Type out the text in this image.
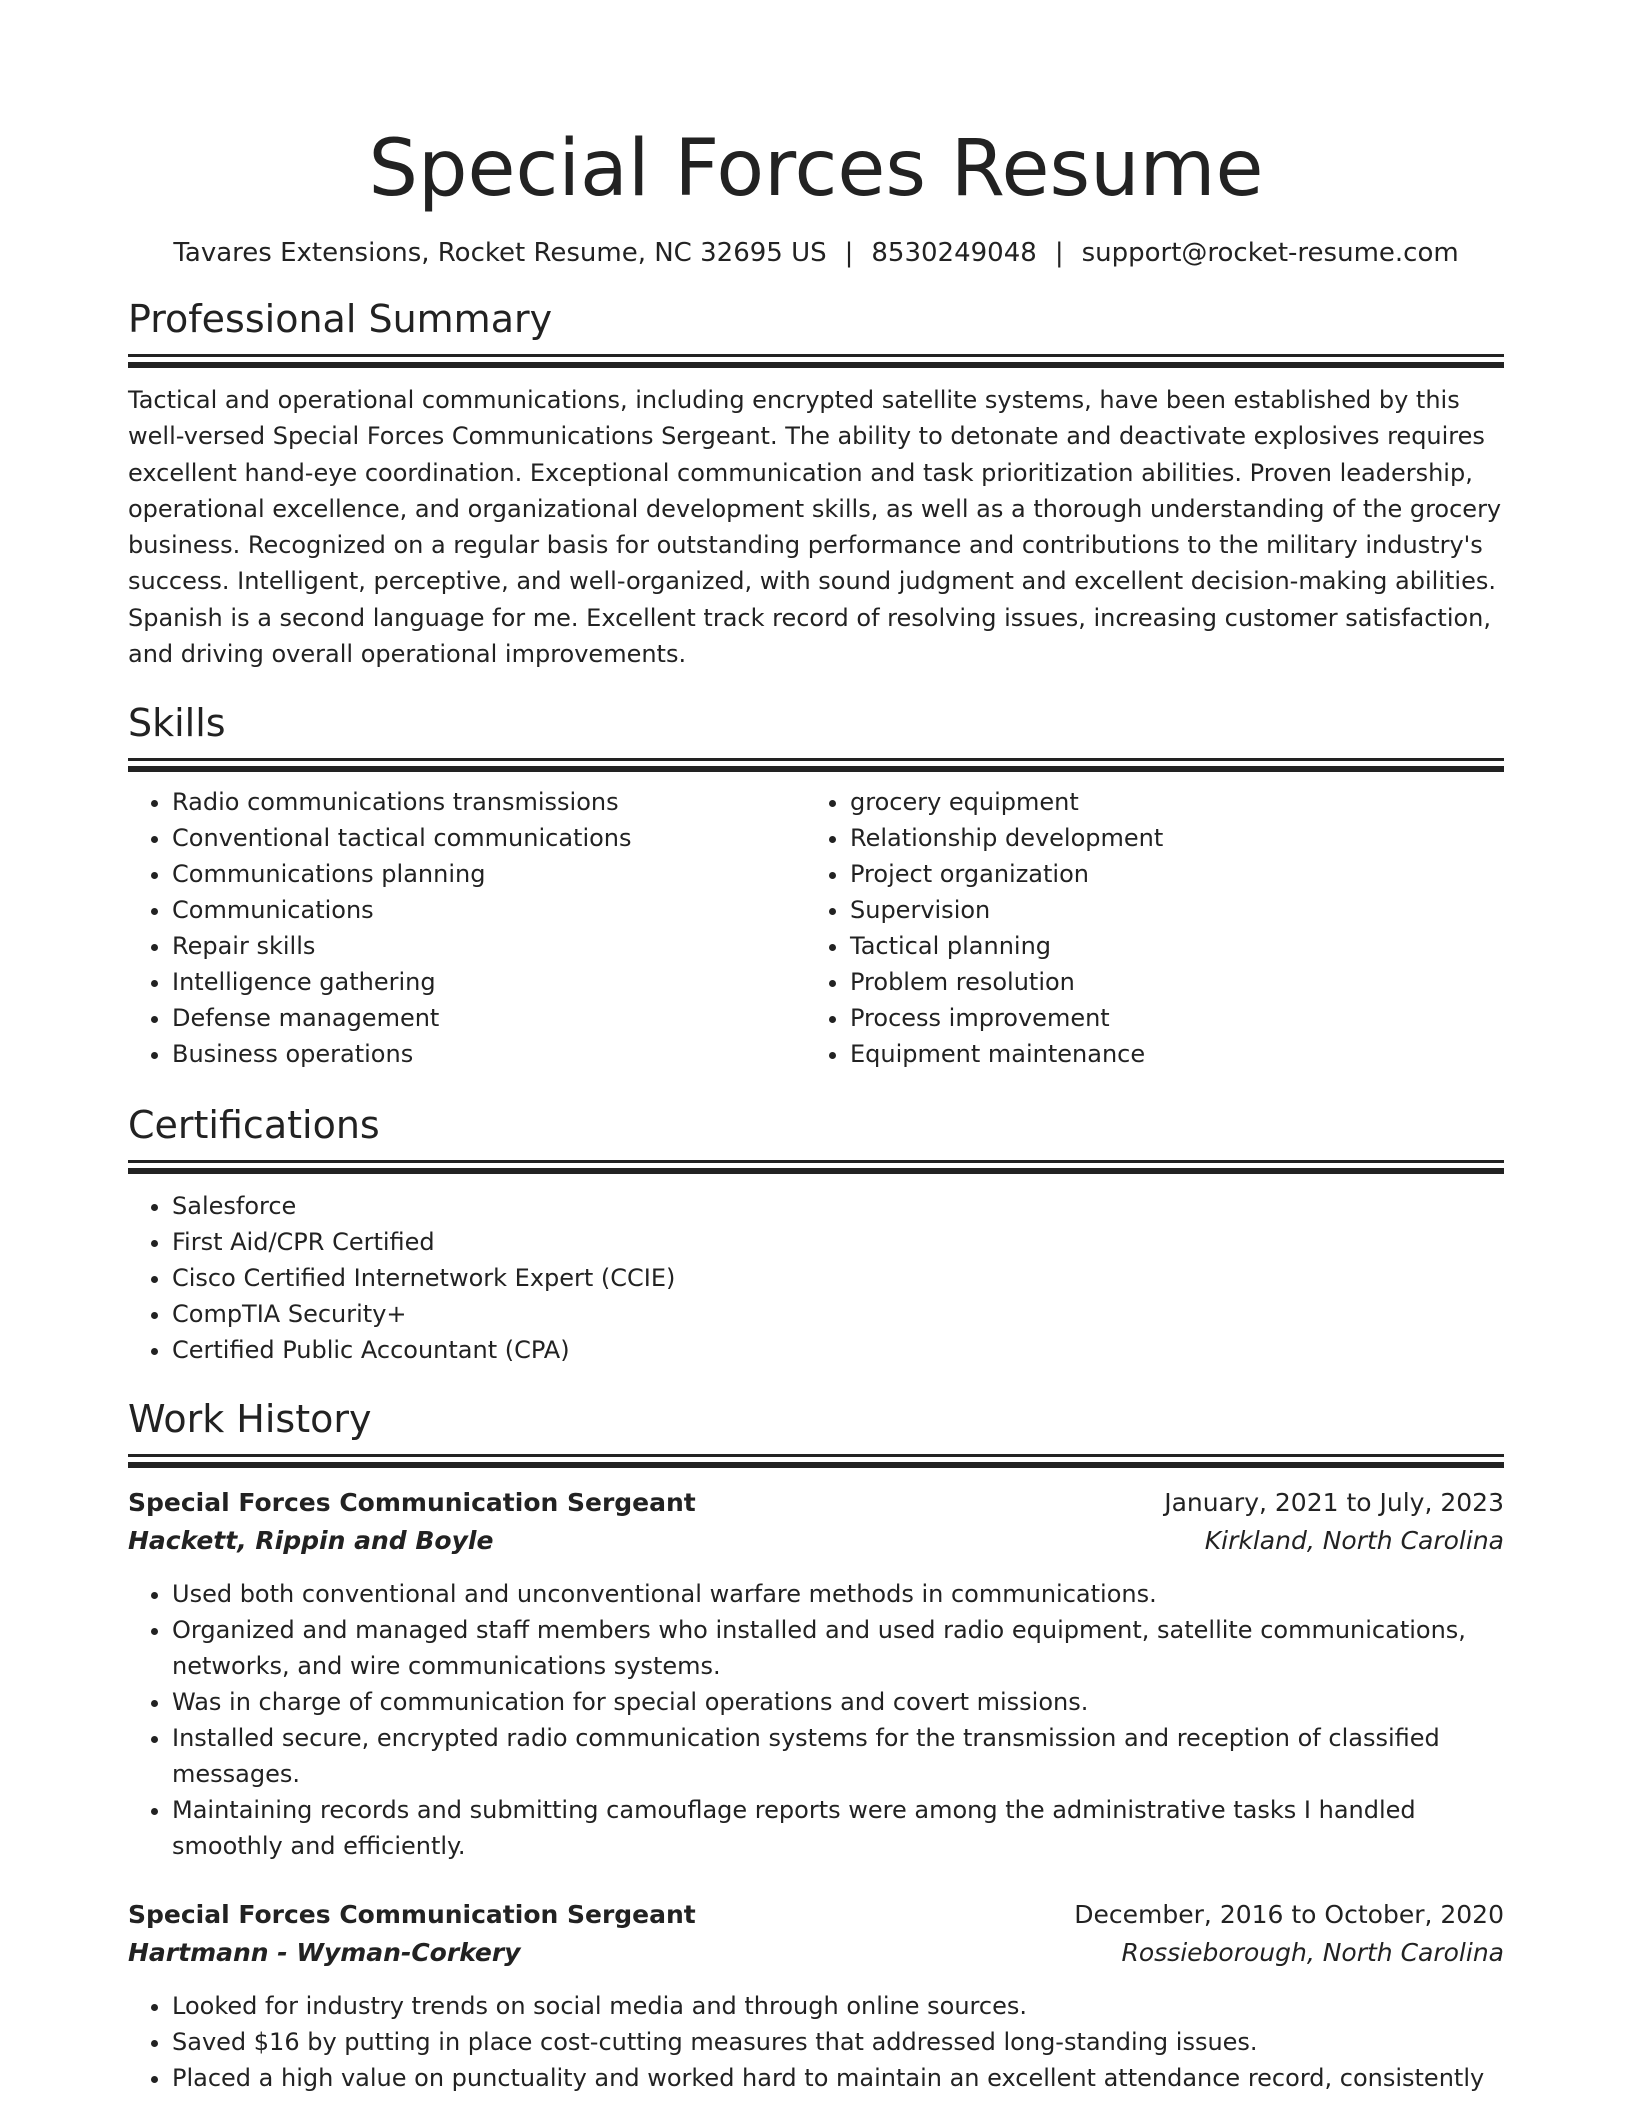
Special Forces Resume
Tavares Extensions, Rocket Resume, NC 32695 US | 8530249048 | support@rocket-resume.com
Professional Summary

Tactical and operational communications, including encrypted satellite systems, have been established by this well-versed Special Forces Communications Sergeant. The ability to detonate and deactivate explosives requires excellent hand-eye coordination. Exceptional communication and task prioritization abilities. Proven leadership, operational excellence, and organizational development skills, as well as a thorough understanding of the grocery business. Recognized on a regular basis for outstanding performance and contributions to the military industry's success. Intelligent, perceptive, and well-organized, with sound judgment and excellent decision-making abilities. Spanish is a second language for me. Excellent track record of resolving issues, increasing customer satisfaction, and driving overall operational improvements.

Skills
• Radio communications transmissions
• Conventional tactical communications
• Communications planning
• Communications
• Repair skills
• Intelligence gathering
• Defense management
• Business operations
• grocery equipment
• Relationship development
• Project organization
• Supervision
• Tactical planning
• Problem resolution
• Process improvement
• Equipment maintenance
Certifications
• Salesforce
• First Aid/CPR Certified
• Cisco Certified Internetwork Expert (CCIE)
• CompTIA Security+
• Certified Public Accountant (CPA)
Work History
Special Forces Communication Sergeant	January, 2021 to July, 2023
Hackett, Rippin and Boyle	Kirkland, North Carolina
• Used both conventional and unconventional warfare methods in communications.
• Organized and managed staff members who installed and used radio equipment, satellite communications, networks, and wire communications systems.
• Was in charge of communication for special operations and covert missions.
• Installed secure, encrypted radio communication systems for the transmission and reception of classified messages.
• Maintaining records and submitting camouflage reports were among the administrative tasks I handled smoothly and efficiently.
Special Forces Communication Sergeant	December, 2016 to October, 2020
Hartmann - Wyman-Corkery	Rossieborough, North Carolina
• Looked for industry trends on social media and through online sources.
• Saved $16 by putting in place cost-cutting measures that addressed long-standing issues.
• Placed a high value on punctuality and worked hard to maintain an excellent attendance record, consistently
